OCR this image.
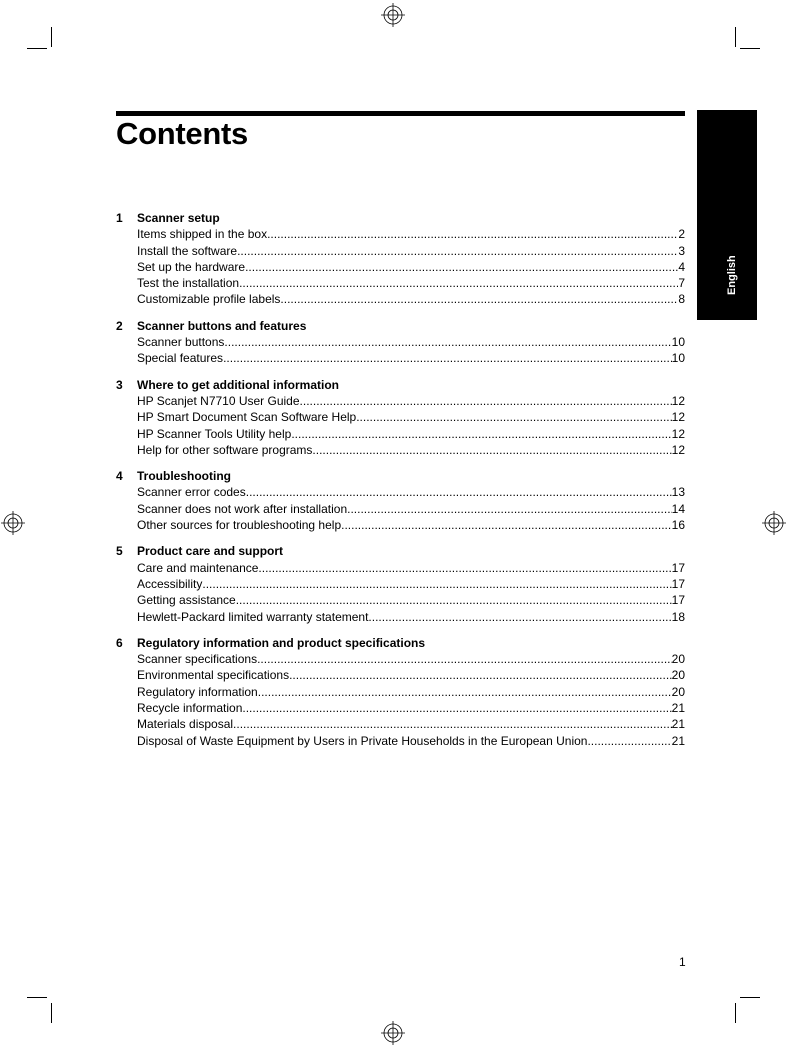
Contents
English
1	Scanner setup
Items shipped in the box .....	2
Install the software .....	3
Set up the hardware .....	4
Test the installation .....	7
Customizable profile labels .....	8
2	Scanner buttons and features
Scanner buttons .....	10
Special features .....	10
3	Where to get additional information
HP Scanjet N7710 User Guide .....	12
HP Smart Document Scan Software Help .....	12
HP Scanner Tools Utility help .....	12
Help for other software programs .....	12
4	Troubleshooting
Scanner error codes .....	13
Scanner does not work after installation .....	14
Other sources for troubleshooting help .....	16
5	Product care and support
Care and maintenance .....	17
Accessibility .....	17
Getting assistance .....	17
Hewlett-Packard limited warranty statement .....	18
6	Regulatory information and product specifications
Scanner specifications .....	20
Environmental specifications .....	20
Regulatory information .....	20
Recycle information .....	21
Materials disposal .....	21
Disposal of Waste Equipment by Users in Private Households in the European Union .....	21
1
